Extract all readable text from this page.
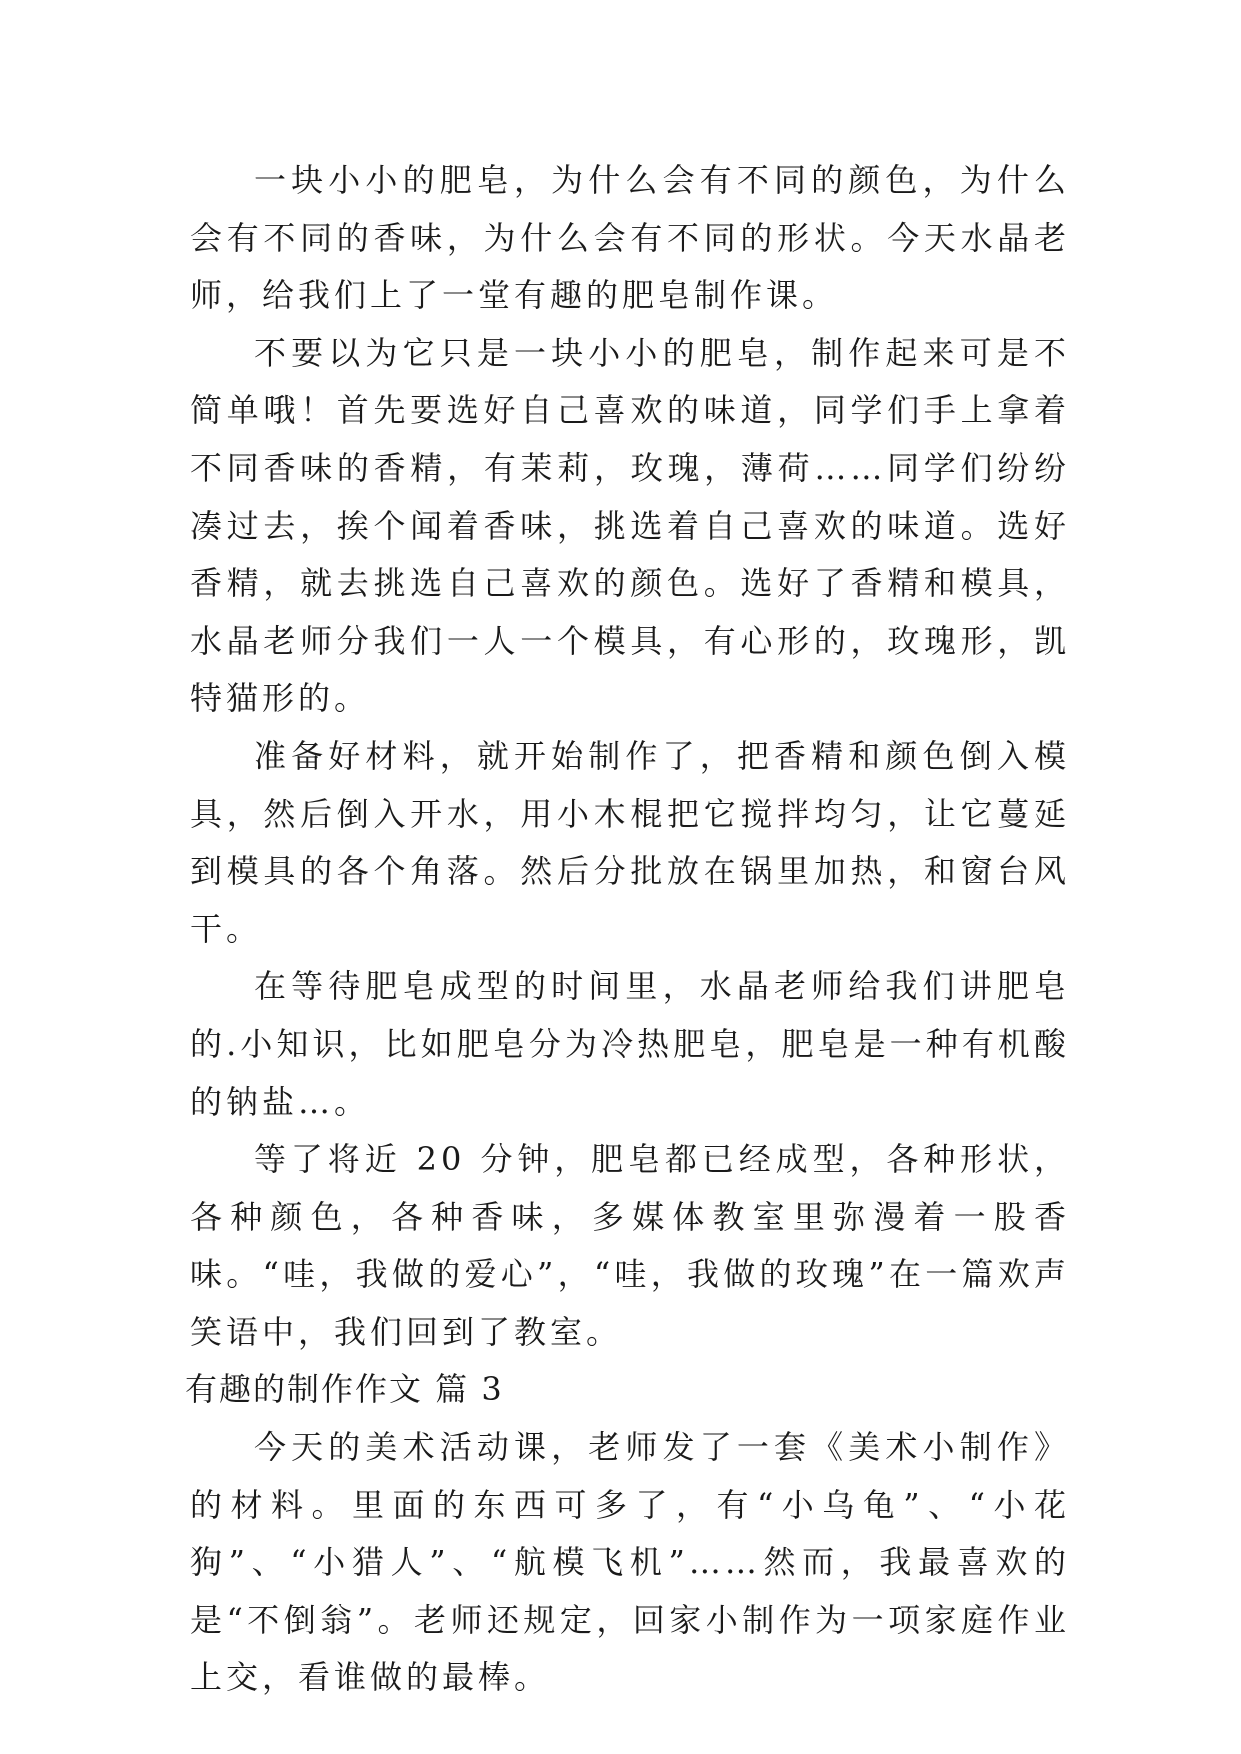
一块小小的肥皂，为什么会有不同的颜色，为什么会有不同的香味，为什么会有不同的形状。今天水晶老师，给我们上了一堂有趣的肥皂制作课。

不要以为它只是一块小小的肥皂，制作起来可是不简单哦！首先要选好自己喜欢的味道，同学们手上拿着不同香味的香精，有茉莉，玫瑰，薄荷……同学们纷纷凑过去，挨个闻着香味，挑选着自己喜欢的味道。选好香精，就去挑选自己喜欢的颜色。选好了香精和模具，水晶老师分我们一人一个模具，有心形的，玫瑰形，凯特猫形的。

准备好材料，就开始制作了，把香精和颜色倒入模具，然后倒入开水，用小木棍把它搅拌均匀，让它蔓延到模具的各个角落。然后分批放在锅里加热，和窗台风干。

在等待肥皂成型的时间里，水晶老师给我们讲肥皂的.小知识，比如肥皂分为冷热肥皂，肥皂是一种有机酸的钠盐…。

等了将近 20 分钟，肥皂都已经成型，各种形状，各种颜色，各种香味，多媒体教室里弥漫着一股香味。“哇，我做的爱心”，“哇，我做的玫瑰”在一篇欢声笑语中，我们回到了教室。

有趣的制作作文 篇 3

今天的美术活动课，老师发了一套《美术小制作》的材料。里面的东西可多了，有“小乌龟”、“小花狗”、“小猎人”、“航模飞机”……然而，我最喜欢的是“不倒翁”。老师还规定，回家小制作为一项家庭作业上交，看谁做的最棒。
